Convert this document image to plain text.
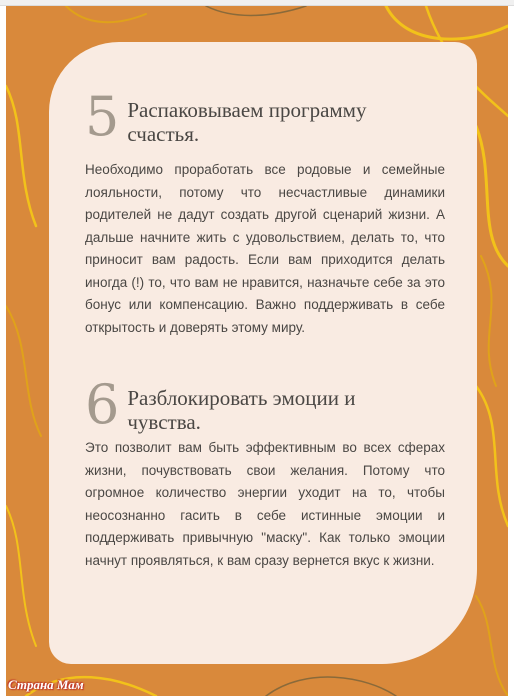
5 Распаковываем программу счастья.
Необходимо проработать все родовые и семейные лояльности, потому что несчастливые динамики родителей не дадут создать другой сценарий жизни. А дальше начните жить с удовольствием, делать то, что приносит вам радость. Если вам приходится делать иногда (!) то, что вам не нравится, назначьте себе за это бонус или компенсацию. Важно поддерживать в себе открытость и доверять этому миру.
6 Разблокировать эмоции и чувства.
Это позволит вам быть эффективным во всех сферах жизни, почувствовать свои желания. Потому что огромное количество энергии уходит на то, чтобы неосознанно гасить в себе истинные эмоции и поддерживать привычную "маску". Как только эмоции начнут проявляться, к вам сразу вернется вкус к жизни.
Страна Мам
